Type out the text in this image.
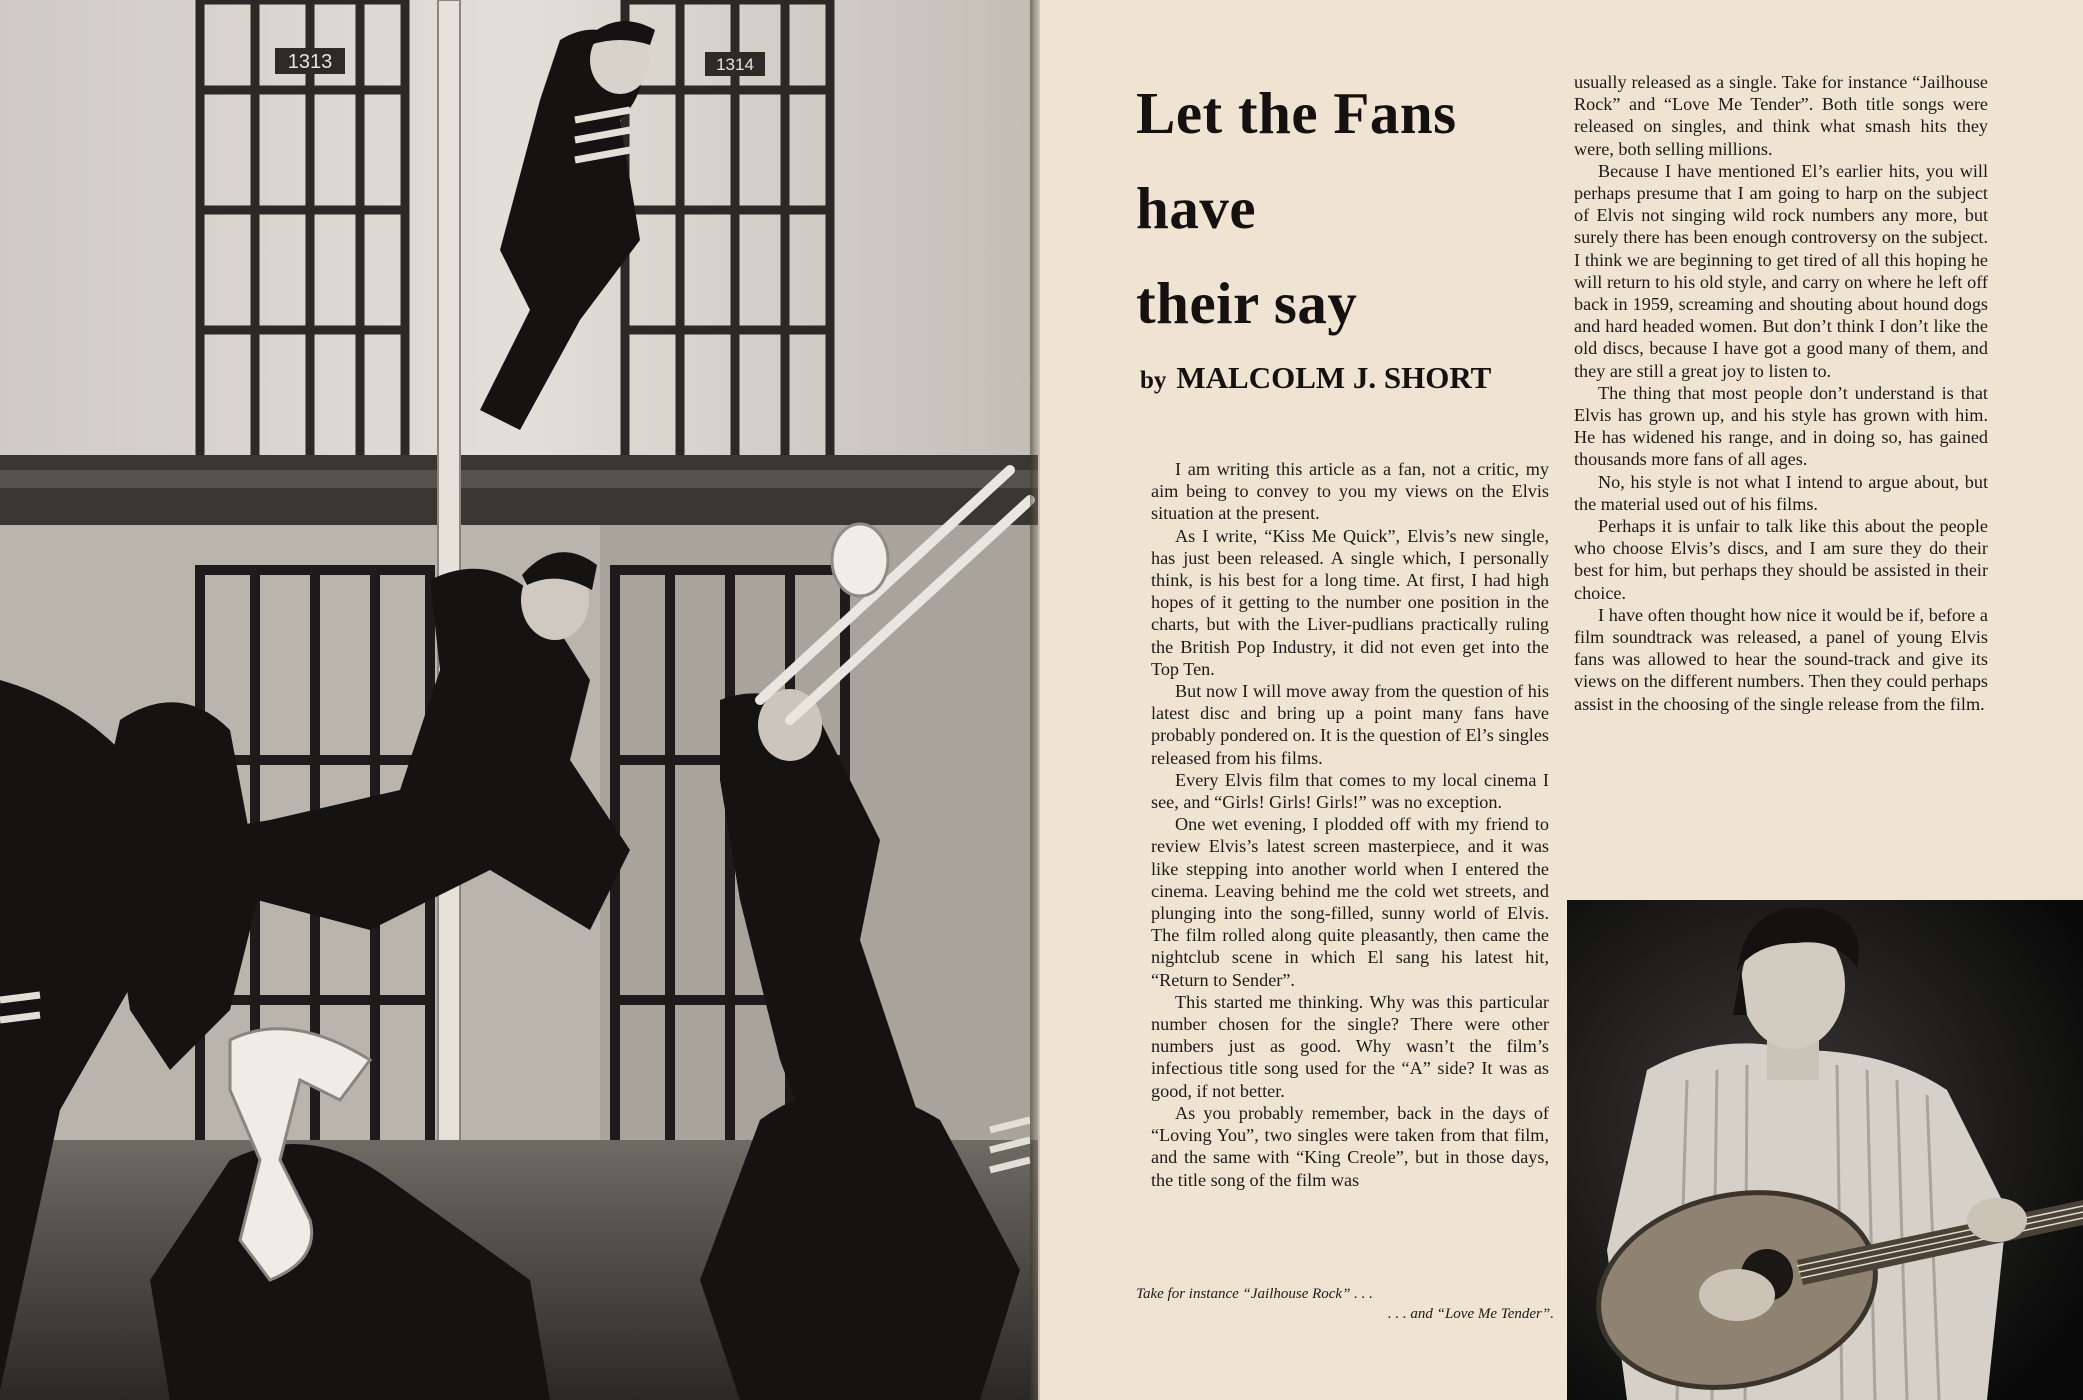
1313	1314
Let the Fans
have
their say
by MALCOLM J. SHORT

I am writing this article as a fan, not a critic, my aim being to convey to you my views on the Elvis situation at the present.

As I write, “Kiss Me Quick”, Elvis’s new single, has just been released. A single which, I personally think, is his best for a long time. At first, I had high hopes of it getting to the number one position in the charts, but with the Liver-pudlians practically ruling the British Pop Industry, it did not even get into the Top Ten.

But now I will move away from the question of his latest disc and bring up a point many fans have probably pondered on. It is the question of El’s singles released from his films.

Every Elvis film that comes to my local cinema I see, and “Girls! Girls! Girls!” was no exception.

One wet evening, I plodded off with my friend to review Elvis’s latest screen masterpiece, and it was like stepping into another world when I entered the cinema. Leaving behind me the cold wet streets, and plunging into the song-filled, sunny world of Elvis. The film rolled along quite pleasantly, then came the nightclub scene in which El sang his latest hit, “Return to Sender”.

This started me thinking. Why was this particular number chosen for the single? There were other numbers just as good. Why wasn’t the film’s infectious title song used for the “A” side? It was as good, if not better.

As you probably remember, back in the days of “Loving You”, two singles were taken from that film, and the same with “King Creole”, but in those days, the title song of the film was

Take for instance “Jailhouse Rock” . . .
. . . and “Love Me Tender”.

usually released as a single. Take for instance “Jailhouse Rock” and “Love Me Tender”. Both title songs were released on singles, and think what smash hits they were, both selling millions.

Because I have mentioned El’s earlier hits, you will perhaps presume that I am going to harp on the subject of Elvis not singing wild rock numbers any more, but surely there has been enough controversy on the subject. I think we are beginning to get tired of all this hoping he will return to his old style, and carry on where he left off back in 1959, screaming and shouting about hound dogs and hard headed women. But don’t think I don’t like the old discs, because I have got a good many of them, and they are still a great joy to listen to.

The thing that most people don’t understand is that Elvis has grown up, and his style has grown with him. He has widened his range, and in doing so, has gained thousands more fans of all ages.

No, his style is not what I intend to argue about, but the material used out of his films.

Perhaps it is unfair to talk like this about the people who choose Elvis’s discs, and I am sure they do their best for him, but perhaps they should be assisted in their choice.

I have often thought how nice it would be if, before a film soundtrack was released, a panel of young Elvis fans was allowed to hear the sound-track and give its views on the different numbers. Then they could perhaps assist in the choosing of the single release from the film.
